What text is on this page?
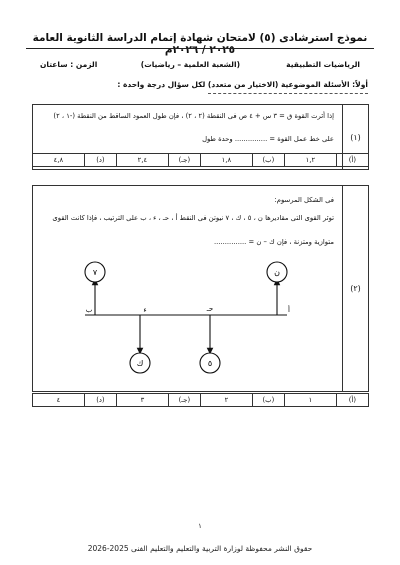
نموذج استرشادى (٥) لامتحان شهادة إتمام الدراسة الثانوية العامة ٢٠٢٥ / ٢٠٢٦م
الرياضيات التطبيقية
(الشعبة العلمية – رياضيات)
الزمن : ساعتان
أولاً: الأسئلة الموضوعية (الاختيار من متعدد) لكل سؤال درجة واحدة :
(١)
إذا أثرت القوة ق = ٣ س + ٤ ص فى النقطة (٢ ، ٢) ، فإن طول العمود الساقط من النقطة (-١ ، ٢)
على خط عمل القوة = ............... وحدة طول
(أ)
١,٢
(ب)
١,٨
(جـ)
٢,٤
(د)
٤,٨
(٢)
فى الشكل المرسوم:
توثر القوى التى مقاديرها ن ، ٥ ، ك ، ٧ نيوتن فى النقط أ ، حـ ، ء ، ب على الترتيب ، فإذا كانت القوى
متوازية ومتزنة ، فإن ك – ن = ...............
٧
ك	٥
ن
ب	ء	حـ	أ
(أ)
١
(ب)
٢
(جـ)
٣
(د)
٤
١
حقوق النشر محفوظة لوزارة التربية والتعليم والتعليم الفنى 2025-2026
